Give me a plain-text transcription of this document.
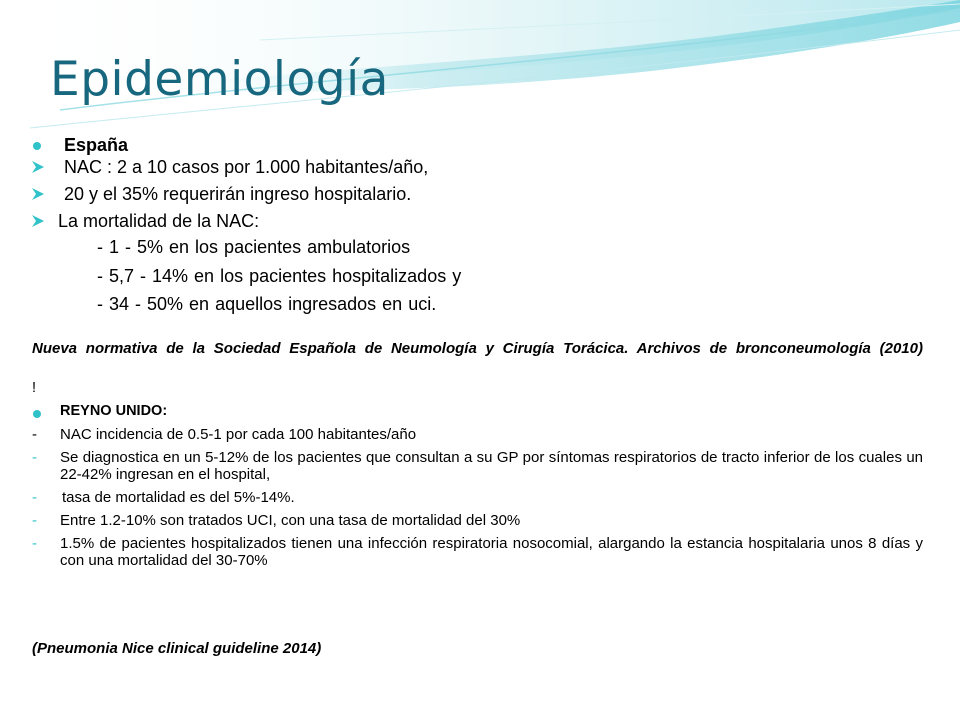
Epidemiología
España
NAC : 2 a 10 casos por 1.000 habitantes/año,
20 y el 35% requerirán ingreso hospitalario.
La mortalidad de la NAC:
- 1 - 5% en los pacientes ambulatorios
- 5,7 - 14% en los pacientes hospitalizados y
- 34 - 50% en aquellos ingresados en uci.
Nueva normativa de la Sociedad Española de Neumología y Cirugía Torácica. Archivos de bronconeumología (2010)
!
REYNO UNIDO:
- NAC incidencia de 0.5-1 por cada 100 habitantes/año
- Se diagnostica en un 5-12% de los pacientes que consultan a su GP por síntomas respiratorios de tracto inferior de los cuales un 22-42% ingresan en el hospital,
- tasa de mortalidad es del 5%-14%.
- Entre 1.2-10% son tratados UCI, con una tasa de mortalidad del 30%
- 1.5% de pacientes hospitalizados tienen una infección respiratoria nosocomial, alargando la estancia hospitalaria unos 8 días y con una mortalidad del 30-70%
(Pneumonia Nice clinical guideline 2014)
